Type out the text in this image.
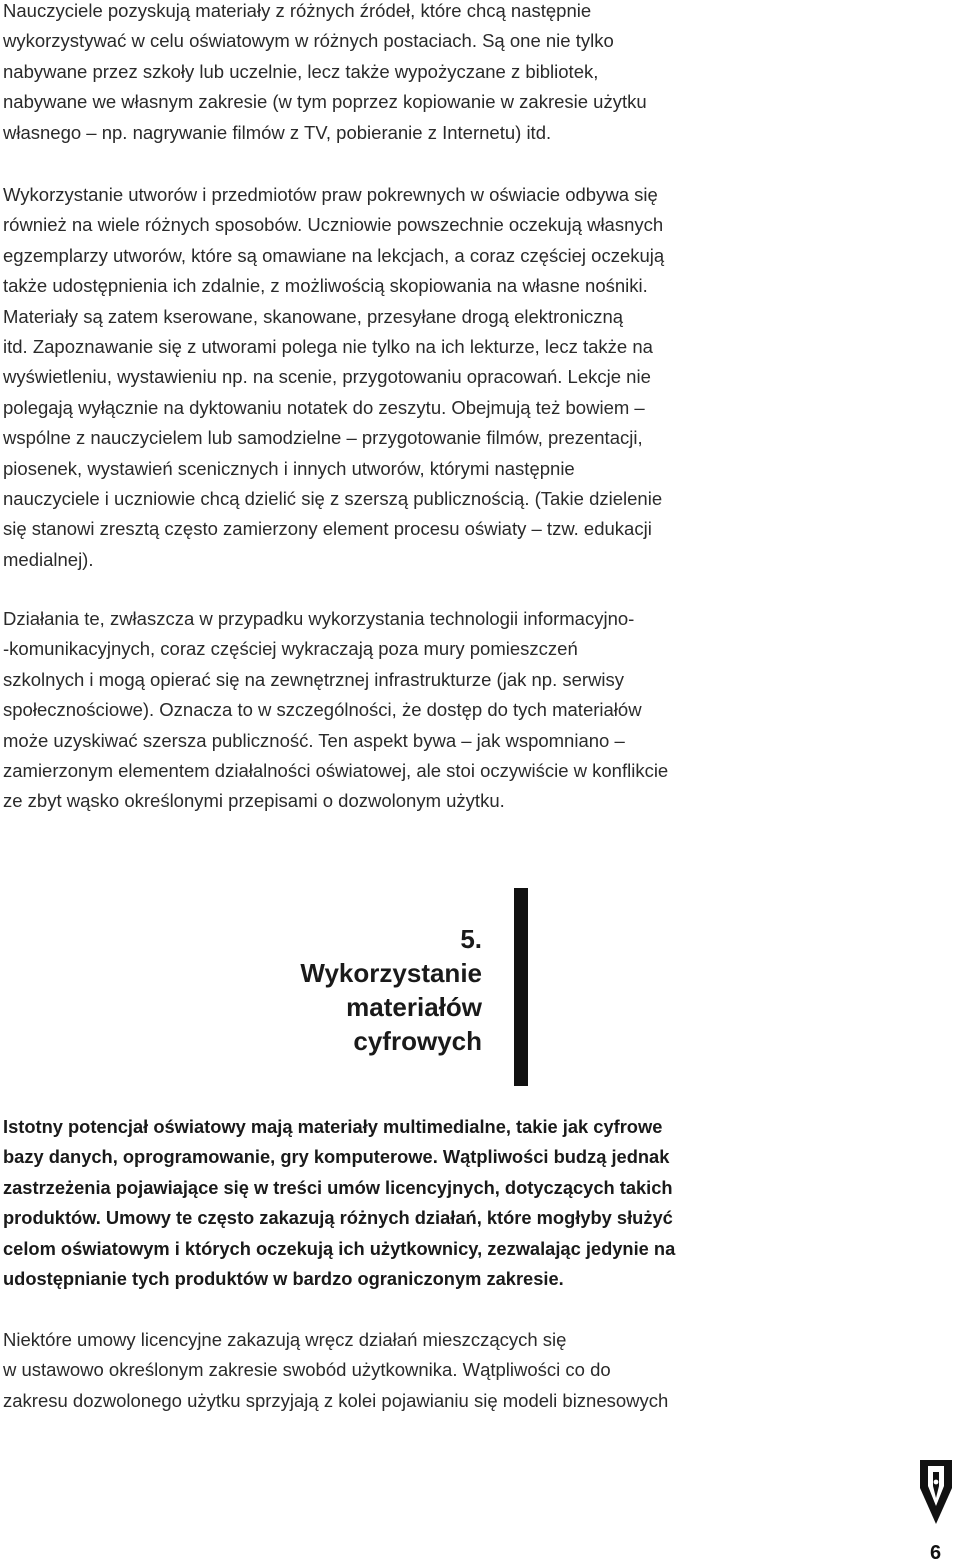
Nauczyciele pozyskują materiały z różnych źródeł, które chcą następnie
wykorzystywać w celu oświatowym w różnych postaciach. Są one nie tylko
nabywane przez szkoły lub uczelnie, lecz także wypożyczane z bibliotek,
nabywane we własnym zakresie (w tym poprzez kopiowanie w zakresie użytku
własnego – np. nagrywanie filmów z TV, pobieranie z Internetu) itd.
Wykorzystanie utworów i przedmiotów praw pokrewnych w oświacie odbywa się
również na wiele różnych sposobów. Uczniowie powszechnie oczekują własnych
egzemplarzy utworów, które są omawiane na lekcjach, a coraz częściej oczekują
także udostępnienia ich zdalnie, z możliwością skopiowania na własne nośniki.
Materiały są zatem kserowane, skanowane, przesyłane drogą elektroniczną
itd. Zapoznawanie się z utworami polega nie tylko na ich lekturze, lecz także na
wyświetleniu, wystawieniu np. na scenie, przygotowaniu opracowań. Lekcje nie
polegają wyłącznie na dyktowaniu notatek do zeszytu. Obejmują też bowiem –
wspólne z nauczycielem lub samodzielne – przygotowanie filmów, prezentacji,
piosenek, wystawień scenicznych i innych utworów, którymi następnie
nauczyciele i uczniowie chcą dzielić się z szerszą publicznością. (Takie dzielenie
się stanowi zresztą często zamierzony element procesu oświaty – tzw. edukacji
medialnej).
Działania te, zwłaszcza w przypadku wykorzystania technologii informacyjno-
-komunikacyjnych, coraz częściej wykraczają poza mury pomieszczeń
szkolnych i mogą opierać się na zewnętrznej infrastrukturze (jak np. serwisy
społecznościowe). Oznacza to w szczególności, że dostęp do tych materiałów
może uzyskiwać szersza publiczność. Ten aspekt bywa – jak wspomniano –
zamierzonym elementem działalności oświatowej, ale stoi oczywiście w konflikcie
ze zbyt wąsko określonymi przepisami o dozwolonym użytku.
5.
Wykorzystanie
materiałów
cyfrowych
Istotny potencjał oświatowy mają materiały multimedialne, takie jak cyfrowe
bazy danych, oprogramowanie, gry komputerowe. Wątpliwości budzą jednak
zastrzeżenia pojawiające się w treści umów licencyjnych, dotyczących takich
produktów. Umowy te często zakazują różnych działań, które mogłyby służyć
celom oświatowym i których oczekują ich użytkownicy, zezwalając jedynie na
udostępnianie tych produktów w bardzo ograniczonym zakresie.
Niektóre umowy licencyjne zakazują wręcz działań mieszczących się
w ustawowo określonym zakresie swobód użytkownika. Wątpliwości co do
zakresu dozwolonego użytku sprzyjają z kolei pojawianiu się modeli biznesowych
6
